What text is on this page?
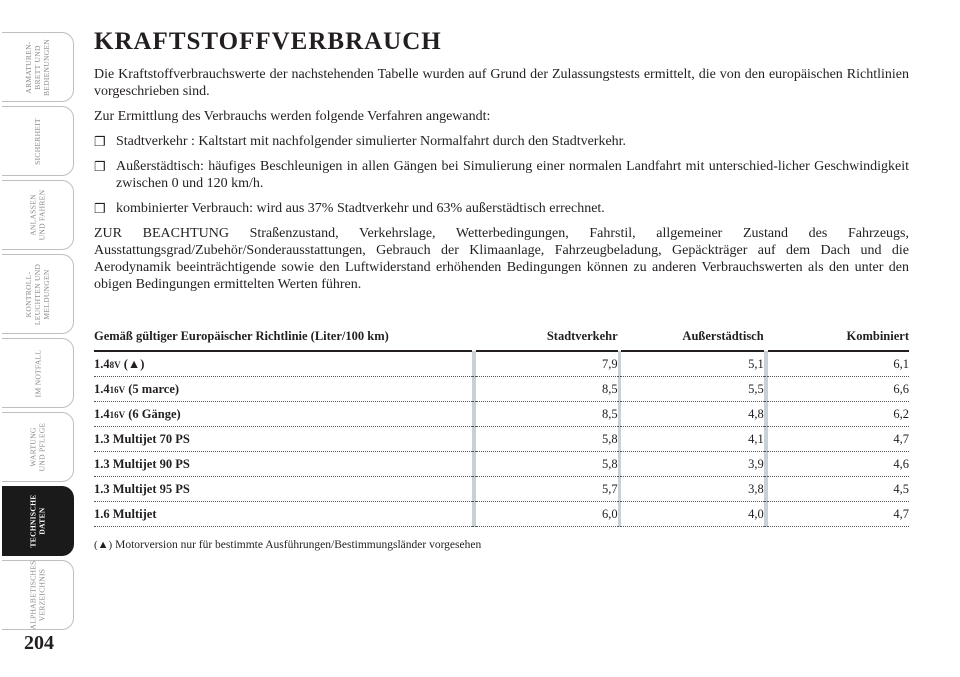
ARMATUREN-
BRETT UND
BEDIENUNGEN
SICHERHEIT
ANLASSEN
UND FAHREN
KONTROLL-
LEUCHTEN UND
MELDUNGEN
IM NOTFALL
WARTUNG
UND PFLEGE
TECHNISCHE
DATEN
ALPHABETISCHES
VERZEICHNIS
204
KRAFTSTOFFVERBRAUCH

Die Kraftstoffverbrauchswerte der nachstehenden Tabelle wurden auf Grund der Zulassungstests ermittelt, die von den europäischen Richtlinien vorgeschrieben sind.

Zur Ermittlung des Verbrauchs werden folgende Verfahren angewandt:

❒ Stadtverkehr : Kaltstart mit nachfolgender simulierter Normalfahrt durch den Stadtverkehr.
❒ Außerstädtisch: häufiges Beschleunigen in allen Gängen bei Simulierung einer normalen Landfahrt mit unterschied-licher Geschwindigkeit zwischen 0 und 120 km/h.
❒ kombinierter Verbrauch: wird aus 37% Stadtverkehr und 63% außerstädtisch errechnet.

ZUR BEACHTUNG Straßenzustand, Verkehrslage, Wetterbedingungen, Fahrstil, allgemeiner Zustand des Fahrzeugs, Ausstattungsgrad/Zubehör/Sonderausstattungen, Gebrauch der Klimaanlage, Fahrzeugbeladung, Gepäckträger auf dem Dach und die Aerodynamik beeinträchtigende sowie den Luftwiderstand erhöhenden Bedingungen können zu anderen Verbrauchswerten als den unter den obigen Bedingungen ermittelten Werten führen.

Gemäß gültiger Europäischer Richtlinie (Liter/100 km)		Stadtverkehr		Außerstädtisch		Kombiniert
1.48V (▲)		7,9		5,1		6,1
1.416V (5 marce)		8,5		5,5		6,6
1.416V (6 Gänge)		8,5		4,8		6,2
1.3 Multijet 70 PS		5,8		4,1		4,7
1.3 Multijet 90 PS		5,8		3,9		4,6
1.3 Multijet 95 PS		5,7		3,8		4,5
1.6 Multijet		6,0		4,0		4,7
(▲) Motorversion nur für bestimmte Ausführungen/Bestimmungsländer vorgesehen
